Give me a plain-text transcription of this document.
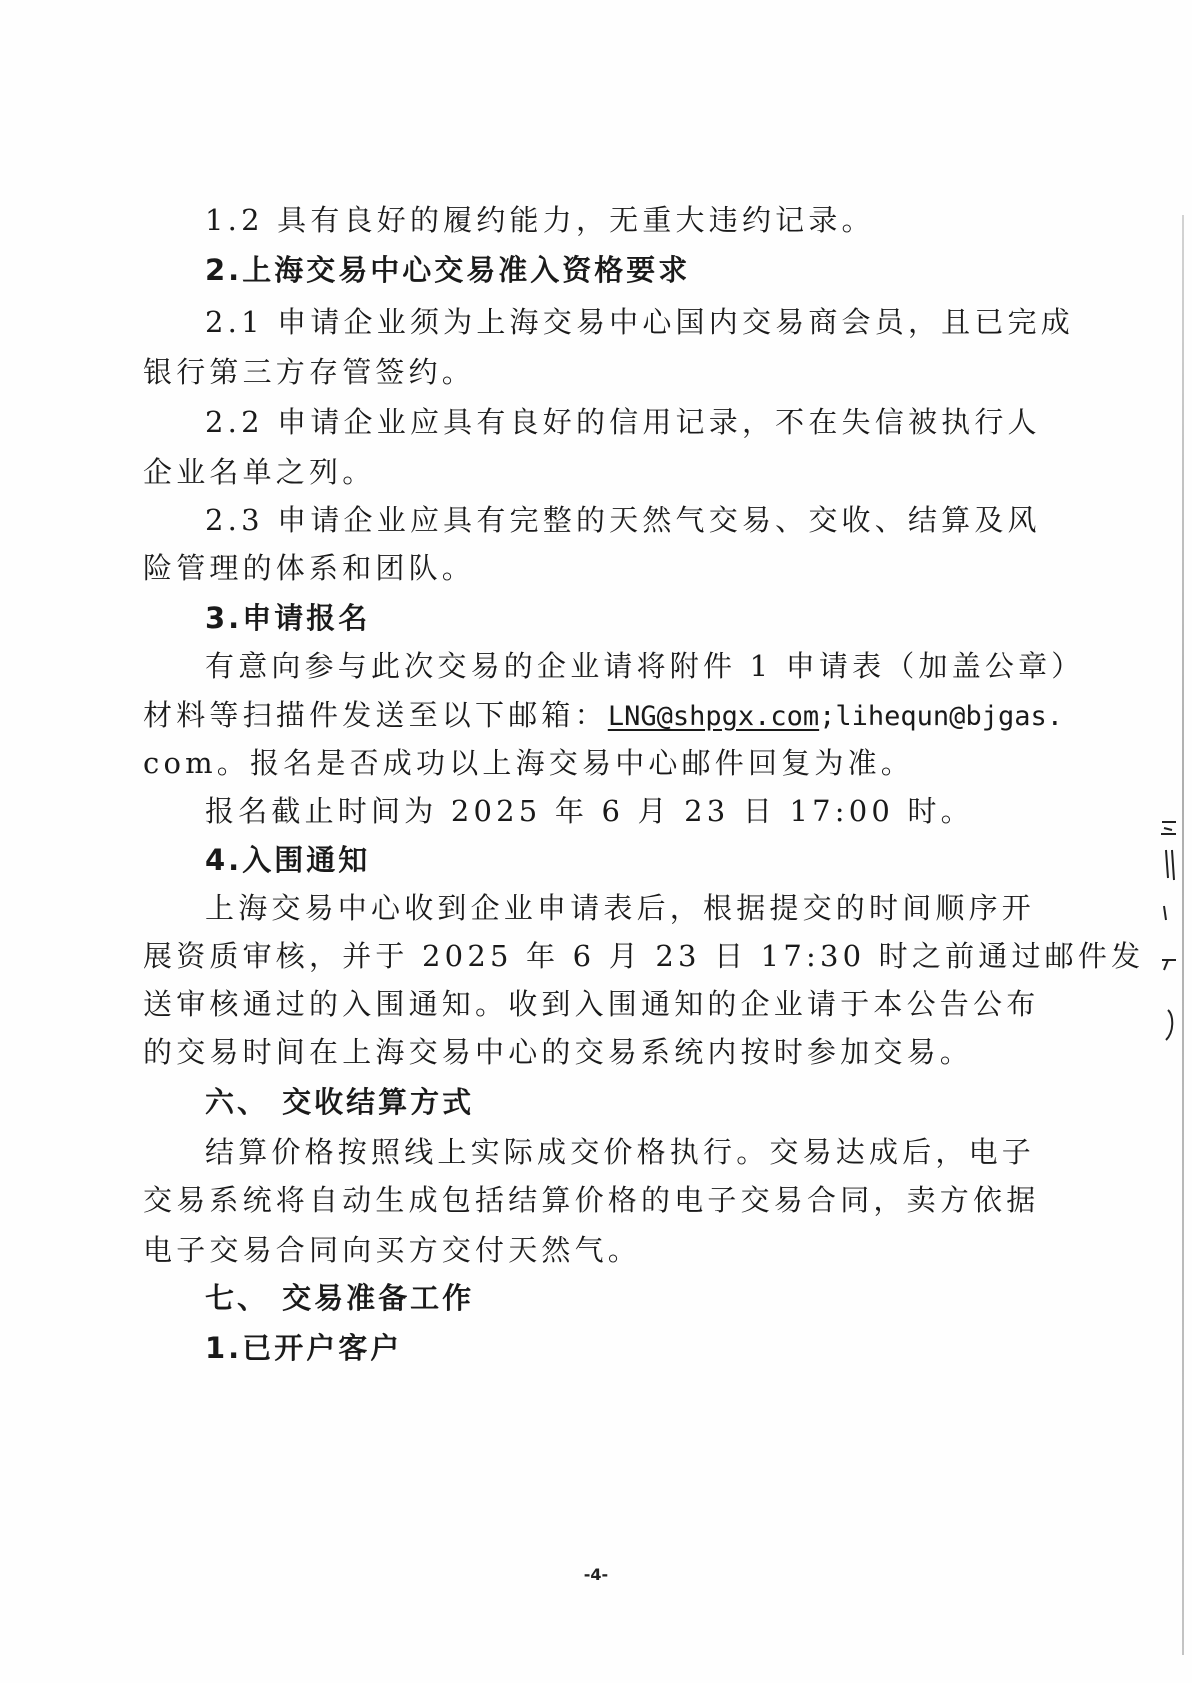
1.2 具有良好的履约能力，无重大违约记录。
2.上海交易中心交易准入资格要求
2.1 申请企业须为上海交易中心国内交易商会员，且已完成
银行第三方存管签约。
2.2 申请企业应具有良好的信用记录，不在失信被执行人
企业名单之列。
2.3 申请企业应具有完整的天然气交易、交收、结算及风
险管理的体系和团队。
3.申请报名
有意向参与此次交易的企业请将附件 1 申请表（加盖公章）
材料等扫描件发送至以下邮箱：LNG@shpgx.com;lihequn@bjgas.
com。报名是否成功以上海交易中心邮件回复为准。
报名截止时间为 2025 年 6 月 23 日 17:00 时。
4.入围通知
上海交易中心收到企业申请表后，根据提交的时间顺序开
展资质审核，并于 2025 年 6 月 23 日 17:30 时之前通过邮件发
送审核通过的入围通知。收到入围通知的企业请于本公告公布
的交易时间在上海交易中心的交易系统内按时参加交易。
六、 交收结算方式
结算价格按照线上实际成交价格执行。交易达成后，电子
交易系统将自动生成包括结算价格的电子交易合同，卖方依据
电子交易合同向买方交付天然气。
七、 交易准备工作
1.已开户客户
-4-
